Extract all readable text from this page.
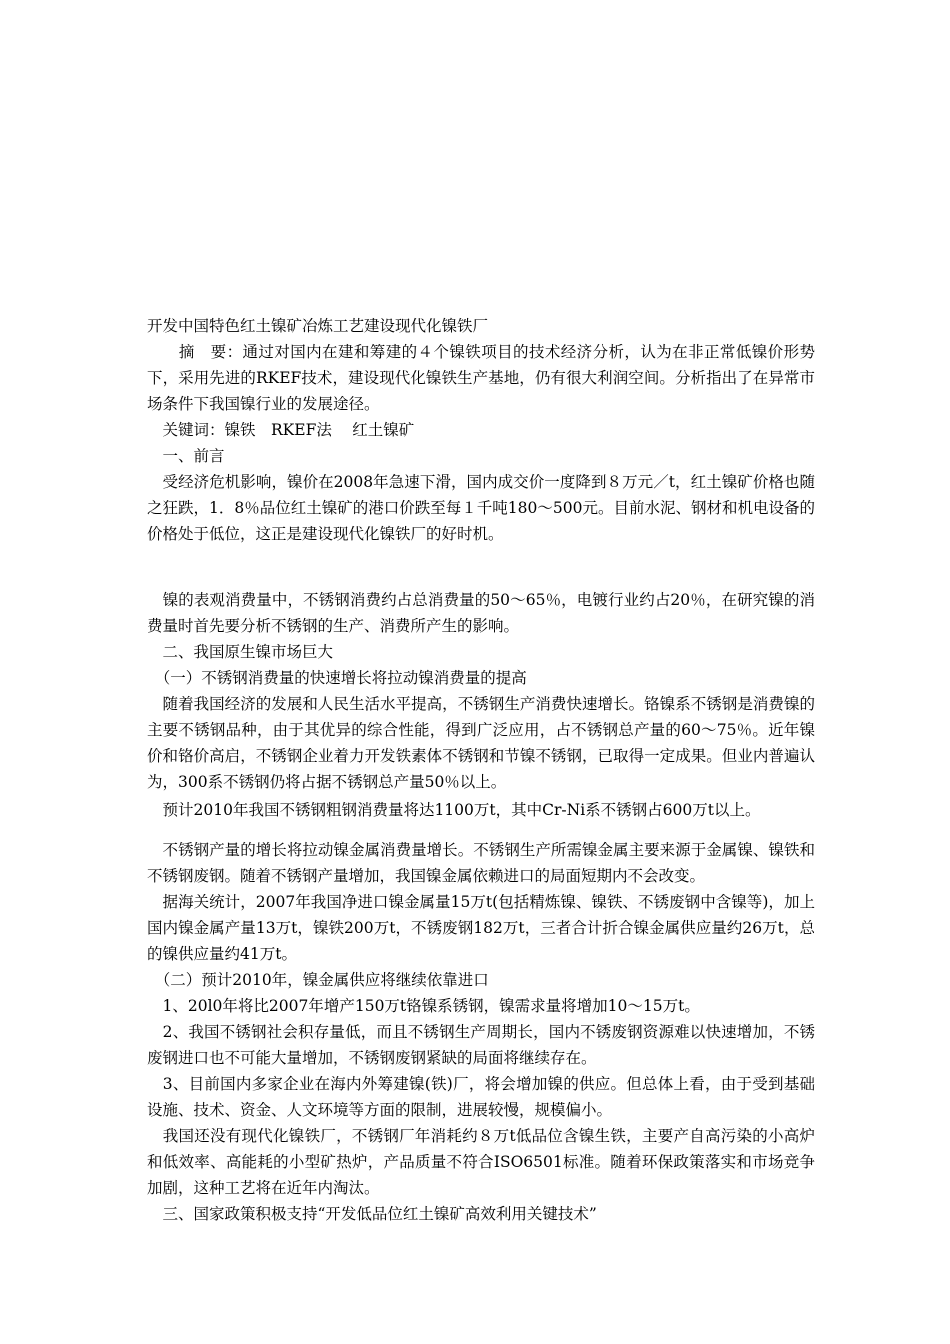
开发中国特色红土镍矿冶炼工艺建设现代化镍铁厂

　　摘　要：通过对国内在建和筹建的４个镍铁项目的技术经济分析，认为在非正常低镍价形势下，采用先进的RKEF技术，建设现代化镍铁生产基地，仍有很大利润空间。分析指出了在异常市场条件下我国镍行业的发展途径。

　关键词：镍铁　RKEF法　 红土镍矿

　一、前言

　受经济危机影响，镍价在2008年急速下滑，国内成交价一度降到８万元／t，红土镍矿价格也随之狂跌，1．8％品位红土镍矿的港口价跌至每１千吨180～500元。目前水泥、钢材和机电设备的价格处于低位，这正是建设现代化镍铁厂的好时机。

　镍的表观消费量中，不锈钢消费约占总消费量的50～65％，电镀行业约占20％，在研究镍的消费量时首先要分析不锈钢的生产、消费所产生的影响。

　二、我国原生镍市场巨大

　（一）不锈钢消费量的快速增长将拉动镍消费量的提高

　随着我国经济的发展和人民生活水平提高，不锈钢生产消费快速增长。铬镍系不锈钢是消费镍的主要不锈钢品种，由于其优异的综合性能，得到广泛应用，占不锈钢总产量的60～75％。近年镍价和铬价高启，不锈钢企业着力开发铁素体不锈钢和节镍不锈钢，已取得一定成果。但业内普遍认为，300系不锈钢仍将占据不锈钢总产量50％以上。

　预计2010年我国不锈钢粗钢消费量将达1100万t，其中Cr-Ni系不锈钢占600万t以上。

　不锈钢产量的增长将拉动镍金属消费量增长。不锈钢生产所需镍金属主要来源于金属镍、镍铁和不锈钢废钢。随着不锈钢产量增加，我国镍金属依赖进口的局面短期内不会改变。

　据海关统计，2007年我国净进口镍金属量15万t(包括精炼镍、镍铁、不锈废钢中含镍等)，加上国内镍金属产量13万t，镍铁200万t，不锈废钢182万t，三者合计折合镍金属供应量约26万t，总的镍供应量约41万t。

　（二）预计2010年，镍金属供应将继续依靠进口

　1、20l0年将比2007年增产150万t铬镍系锈钢，镍需求量将增加10～15万t。

　2、我国不锈钢社会积存量低，而且不锈钢生产周期长，国内不锈废钢资源难以快速增加，不锈废钢进口也不可能大量增加，不锈钢废钢紧缺的局面将继续存在。

　3、目前国内多家企业在海内外筹建镍(铁)厂，将会增加镍的供应。但总体上看，由于受到基础设施、技术、资金、人文环境等方面的限制，进展较慢，规模偏小。

　我国还没有现代化镍铁厂，不锈钢厂年消耗约８万t低品位含镍生铁，主要产自高污染的小高炉和低效率、高能耗的小型矿热炉，产品质量不符合ISO6501标准。随着环保政策落实和市场竞争加剧，这种工艺将在近年内淘汰。

　三、国家政策积极支持“开发低品位红土镍矿高效利用关键技术”
